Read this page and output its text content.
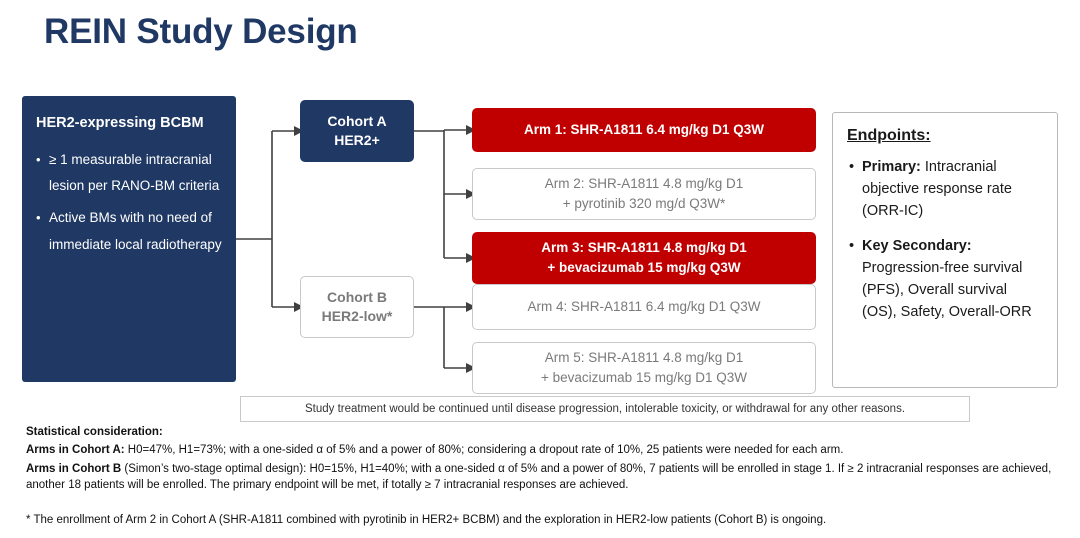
REIN Study Design
HER2-expressing BCBM
• ≥ 1 measurable intracranial lesion per RANO-BM criteria
• Active BMs with no need of immediate local radiotherapy
Cohort A
HER2+
Cohort B
HER2-low*
Arm 1: SHR-A1811 6.4 mg/kg D1 Q3W
Arm 2: SHR-A1811 4.8 mg/kg D1
+ pyrotinib 320 mg/d Q3W*
Arm 3: SHR-A1811 4.8 mg/kg D1
+ bevacizumab 15 mg/kg Q3W
Arm 4: SHR-A1811 6.4 mg/kg D1 Q3W
Arm 5: SHR-A1811 4.8 mg/kg D1
+ bevacizumab 15 mg/kg D1 Q3W
Endpoints:
• Primary: Intracranial objective response rate (ORR-IC)
• Key Secondary: Progression-free survival (PFS), Overall survival (OS), Safety, Overall-ORR
Study treatment would be continued until disease progression, intolerable toxicity, or withdrawal for any other reasons.
Statistical consideration:

Arms in Cohort A: H0=47%, H1=73%; with a one-sided α of 5% and a power of 80%; considering a dropout rate of 10%, 25 patients were needed for each arm.

Arms in Cohort B (Simon’s two-stage optimal design): H0=15%, H1=40%; with a one-sided α of 5% and a power of 80%, 7 patients will be enrolled in stage 1. If ≥ 2 intracranial responses are achieved, another 18 patients will be enrolled. The primary endpoint will be met, if totally ≥ 7 intracranial responses are achieved.

* The enrollment of Arm 2 in Cohort A (SHR-A1811 combined with pyrotinib in HER2+ BCBM) and the exploration in HER2-low patients (Cohort B) is ongoing.
